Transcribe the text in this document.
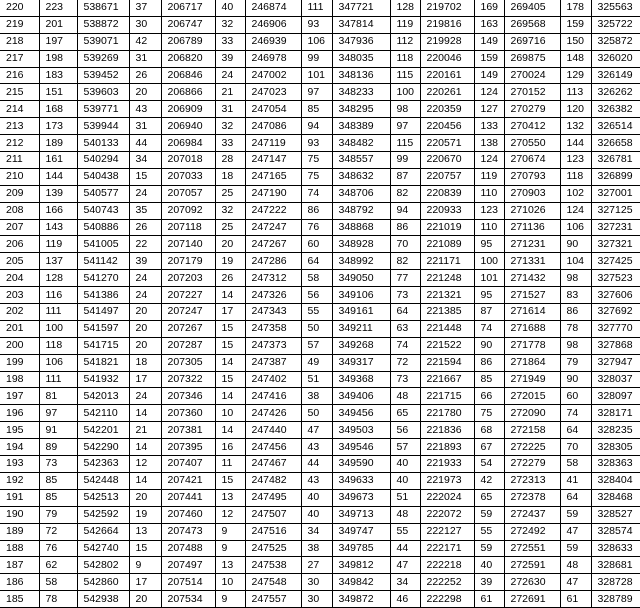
220	223	538671	37	206717	40	246874	111	347721	128	219702	169	269405	178	325563
219	201	538872	30	206747	32	246906	93	347814	119	219816	163	269568	159	325722
218	197	539071	42	206789	33	246939	106	347936	112	219928	149	269716	150	325872
217	198	539269	31	206820	39	246978	99	348035	118	220046	159	269875	148	326020
216	183	539452	26	206846	24	247002	101	348136	115	220161	149	270024	129	326149
215	151	539603	20	206866	21	247023	97	348233	100	220261	124	270152	113	326262
214	168	539771	43	206909	31	247054	85	348295	98	220359	127	270279	120	326382
213	173	539944	31	206940	32	247086	94	348389	97	220456	133	270412	132	326514
212	189	540133	44	206984	33	247119	93	348482	115	220571	138	270550	144	326658
211	161	540294	34	207018	28	247147	75	348557	99	220670	124	270674	123	326781
210	144	540438	15	207033	18	247165	75	348632	87	220757	119	270793	118	326899
209	139	540577	24	207057	25	247190	74	348706	82	220839	110	270903	102	327001
208	166	540743	35	207092	32	247222	86	348792	94	220933	123	271026	124	327125
207	143	540886	26	207118	25	247247	76	348868	86	221019	110	271136	106	327231
206	119	541005	22	207140	20	247267	60	348928	70	221089	95	271231	90	327321
205	137	541142	39	207179	19	247286	64	348992	82	221171	100	271331	104	327425
204	128	541270	24	207203	26	247312	58	349050	77	221248	101	271432	98	327523
203	116	541386	24	207227	14	247326	56	349106	73	221321	95	271527	83	327606
202	111	541497	20	207247	17	247343	55	349161	64	221385	87	271614	86	327692
201	100	541597	20	207267	15	247358	50	349211	63	221448	74	271688	78	327770
200	118	541715	20	207287	15	247373	57	349268	74	221522	90	271778	98	327868
199	106	541821	18	207305	14	247387	49	349317	72	221594	86	271864	79	327947
198	111	541932	17	207322	15	247402	51	349368	73	221667	85	271949	90	328037
197	81	542013	24	207346	14	247416	38	349406	48	221715	66	272015	60	328097
196	97	542110	14	207360	10	247426	50	349456	65	221780	75	272090	74	328171
195	91	542201	21	207381	14	247440	47	349503	56	221836	68	272158	64	328235
194	89	542290	14	207395	16	247456	43	349546	57	221893	67	272225	70	328305
193	73	542363	12	207407	11	247467	44	349590	40	221933	54	272279	58	328363
192	85	542448	14	207421	15	247482	43	349633	40	221973	42	272313	41	328404
191	85	542513	20	207441	13	247495	40	349673	51	222024	65	272378	64	328468
190	79	542592	19	207460	12	247507	40	349713	48	222072	59	272437	59	328527
189	72	542664	13	207473	9	247516	34	349747	55	222127	55	272492	47	328574
188	76	542740	15	207488	9	247525	38	349785	44	222171	59	272551	59	328633
187	62	542802	9	207497	13	247538	27	349812	47	222218	40	272591	48	328681
186	58	542860	17	207514	10	247548	30	349842	34	222252	39	272630	47	328728
185	78	542938	20	207534	9	247557	30	349872	46	222298	61	272691	61	328789
